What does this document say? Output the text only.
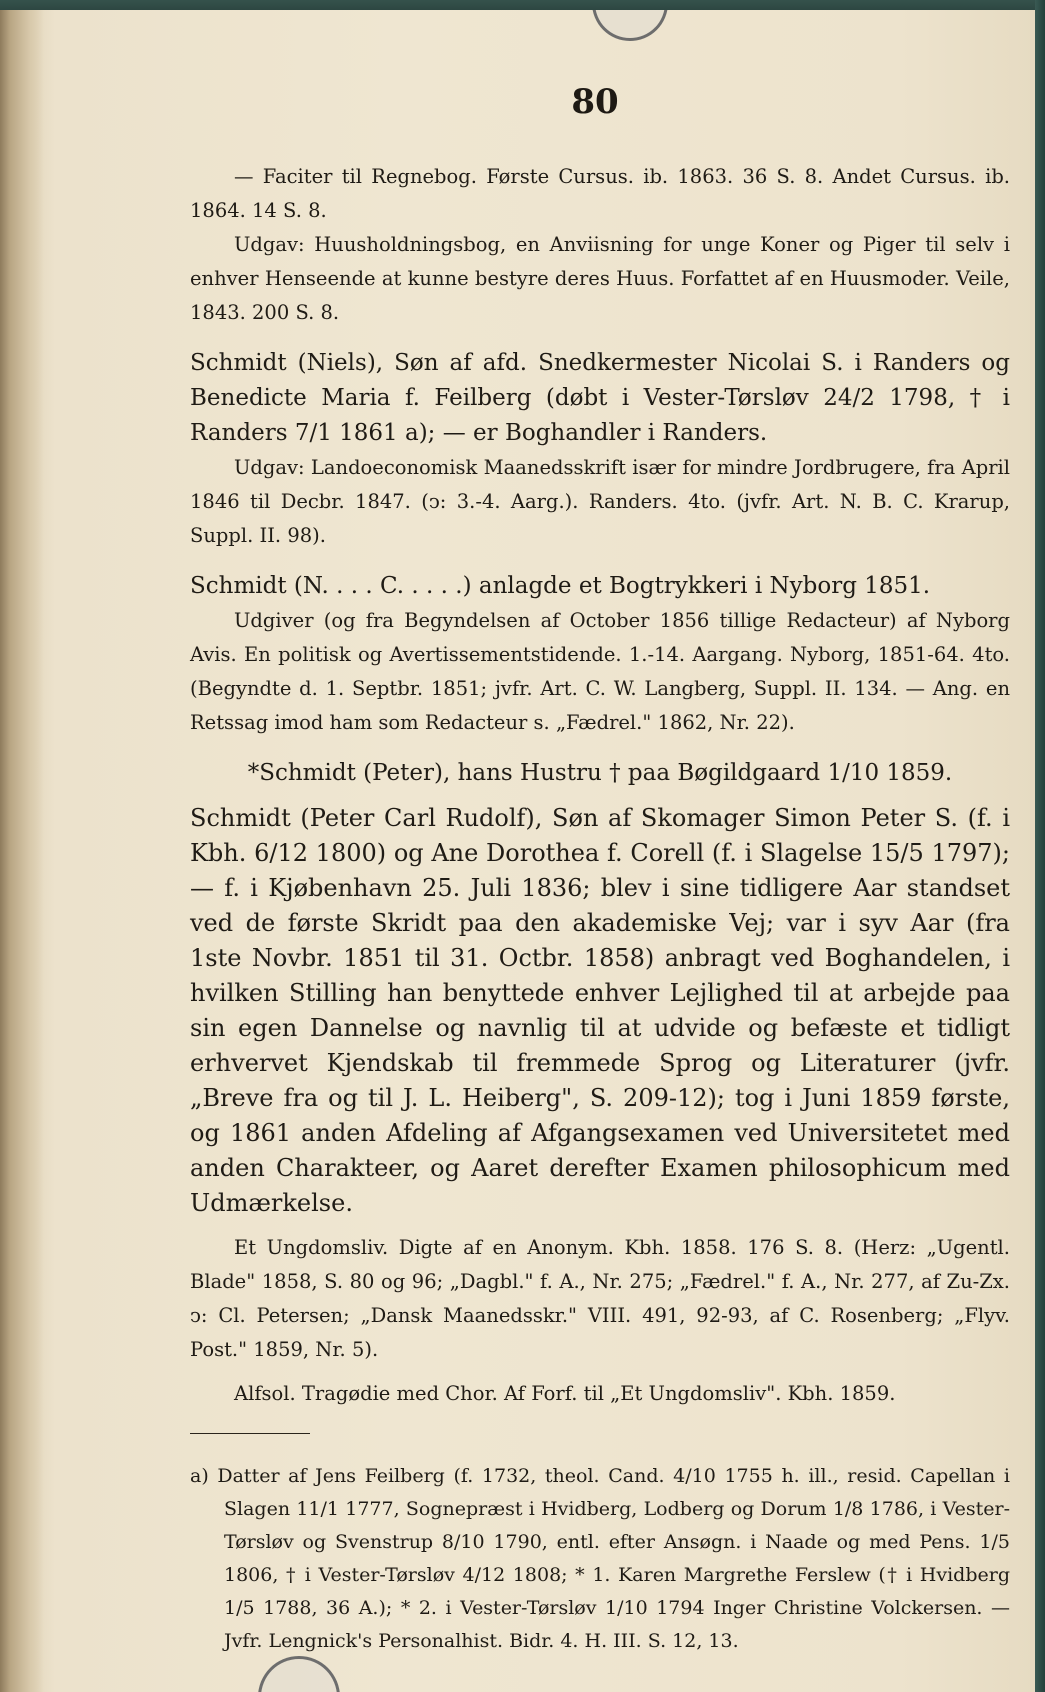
80

— Faciter til Regnebog. Første Cursus. ib. 1863. 36 S. 8. Andet Cursus. ib. 1864. 14 S. 8.

Udgav: Huusholdningsbog, en Anviisning for unge Koner og Piger til selv i enhver Henseende at kunne bestyre deres Huus. Forfattet af en Huusmoder. Veile, 1843. 200 S. 8.

Schmidt (Niels), Søn af afd. Snedkermester Nicolai S. i Randers og Benedicte Maria f. Feilberg (døbt i Vester-Tørsløv 24/2 1798, † i Randers 7/1 1861 a); — er Boghandler i Randers.

Udgav: Landoeconomisk Maanedsskrift især for mindre Jordbrugere, fra April 1846 til Decbr. 1847. (ↄ: 3.-4. Aarg.). Randers. 4to. (jvfr. Art. N. B. C. Krarup, Suppl. II. 98).

Schmidt (N. . . . C. . . . .) anlagde et Bogtrykkeri i Nyborg 1851.

Udgiver (og fra Begyndelsen af October 1856 tillige Redacteur) af Nyborg Avis. En politisk og Avertissementstidende. 1.-14. Aargang. Nyborg, 1851-64. 4to. (Begyndte d. 1. Septbr. 1851; jvfr. Art. C. W. Langberg, Suppl. II. 134. — Ang. en Retssag imod ham som Redacteur s. „Fædrel." 1862, Nr. 22).

*Schmidt (Peter), hans Hustru † paa Bøgildgaard 1/10 1859.

Schmidt (Peter Carl Rudolf), Søn af Skomager Simon Peter S. (f. i Kbh. 6/12 1800) og Ane Dorothea f. Corell (f. i Slagelse 15/5 1797); — f. i Kjøbenhavn 25. Juli 1836; blev i sine tidligere Aar standset ved de første Skridt paa den akademiske Vej; var i syv Aar (fra 1ste Novbr. 1851 til 31. Octbr. 1858) anbragt ved Boghandelen, i hvilken Stilling han benyttede enhver Lejlighed til at arbejde paa sin egen Dannelse og navnlig til at udvide og befæste et tidligt erhvervet Kjendskab til fremmede Sprog og Literaturer (jvfr. „Breve fra og til J. L. Heiberg", S. 209-12); tog i Juni 1859 første, og 1861 anden Afdeling af Afgangsexamen ved Universitetet med anden Charakteer, og Aaret derefter Examen philosophicum med Udmærkelse.

Et Ungdomsliv. Digte af en Anonym. Kbh. 1858. 176 S. 8. (Herz: „Ugentl. Blade" 1858, S. 80 og 96; „Dagbl." f. A., Nr. 275; „Fædrel." f. A., Nr. 277, af Zu-Zx. ↄ: Cl. Petersen; „Dansk Maanedsskr." VIII. 491, 92-93, af C. Rosenberg; „Flyv. Post." 1859, Nr. 5).

Alfsol. Tragødie med Chor. Af Forf. til „Et Ungdomsliv". Kbh. 1859.

a) Datter af Jens Feilberg (f. 1732, theol. Cand. 4/10 1755 h. ill., resid. Capellan i Slagen 11/1 1777, Sognepræst i Hvidberg, Lodberg og Dorum 1/8 1786, i Vester-Tørsløv og Svenstrup 8/10 1790, entl. efter Ansøgn. i Naade og med Pens. 1/5 1806, † i Vester-Tørsløv 4/12 1808; * 1. Karen Margrethe Ferslew († i Hvidberg 1/5 1788, 36 A.); * 2. i Vester-Tørsløv 1/10 1794 Inger Christine Volckersen. — Jvfr. Lengnick's Personalhist. Bidr. 4. H. III. S. 12, 13.
